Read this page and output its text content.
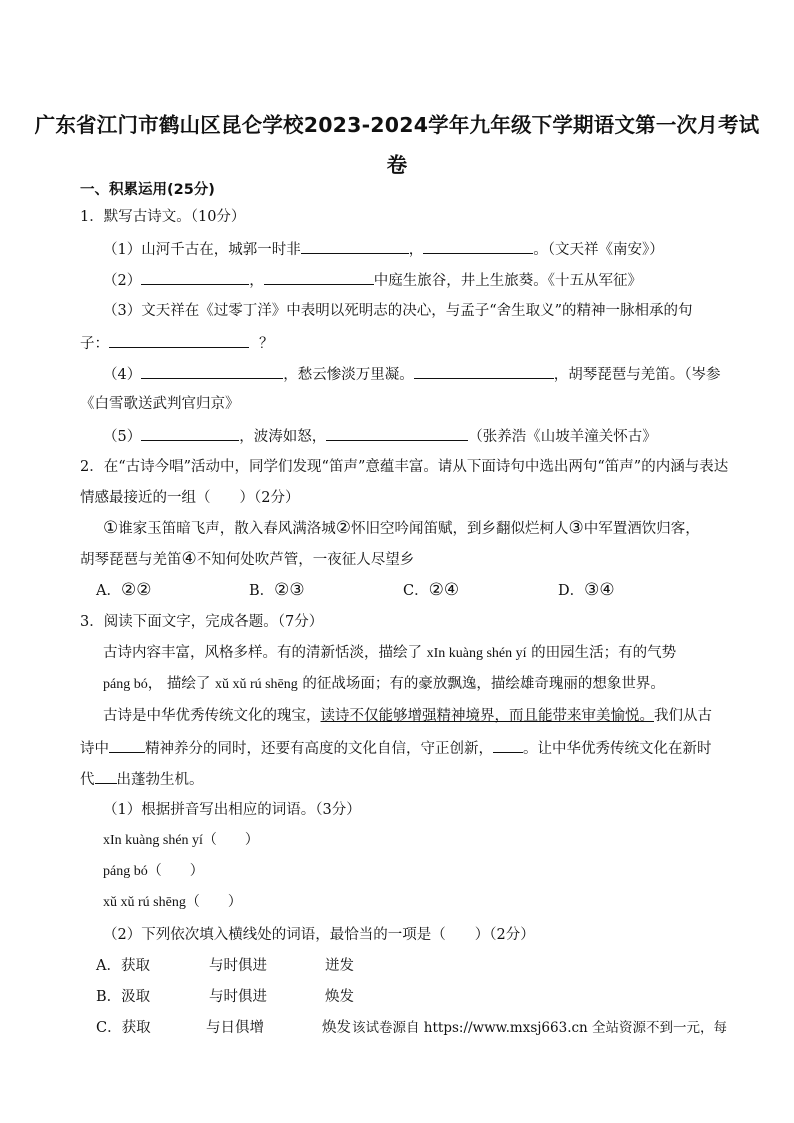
广东省江门市鹤山区昆仑学校2023-2024学年九年级下学期语文第一次月考试
卷
一、积累运用(25分)
1．默写古诗文。（10分）
（1）山河千古在，城郭一时非	，	。（文天祥《南安》）
（2）	，	中庭生旅谷，井上生旅葵。《十五从军征》
（3）文天祥在《过零丁洋》中表明以死明志的决心，与孟子“舍生取义”的精神一脉相承的句
子：	？
（4）	，愁云惨淡万里凝。	，胡琴琵琶与羌笛。（岑参
《白雪歌送武判官归京》
（5）	，波涛如怒，	（张养浩《山坡羊潼关怀古》
2．在“古诗今唱”活动中，同学们发现“笛声”意蕴丰富。请从下面诗句中选出两句“笛声”的内涵与表达
情感最接近的一组（　　）（2分）
①谁家玉笛暗飞声，散入春风满洛城②怀旧空吟闻笛赋，到乡翻似烂柯人③中军置酒饮归客，
胡琴琵琶与羌笛④不知何处吹芦管，一夜征人尽望乡
A．②②	B．②③	C．②④	D．③④
3．阅读下面文字，完成各题。（7分）
古诗内容丰富，风格多样。有的清新恬淡，描绘了 xIn kuàng shén yí 的田园生活；有的气势
páng bó， 描绘了 xǔ xǔ rú shēng 的征战场面；有的豪放飘逸，描绘雄奇瑰丽的想象世界。
古诗是中华优秀传统文化的瑰宝，读诗不仅能够增强精神境界，而且能带来审美愉悦。我们从古
诗中 精神养分的同时，还要有高度的文化自信，守正创新， 。让中华优秀传统文化在新时
代 出蓬勃生机。
（1）根据拼音写出相应的词语。（3分）
xIn kuàng shén yí（　　）
páng bó（　　）
xǔ xǔ rú shēng（　　）
（2）下列依次填入横线处的词语，最恰当的一项是（　　）（2分）
A．获取	与时俱进	迸发
B．汲取	与时俱进	焕发
C．获取	与日俱增	焕发 该试卷源自 https://www.mxsj663.cn 全站资源不到一元，每
